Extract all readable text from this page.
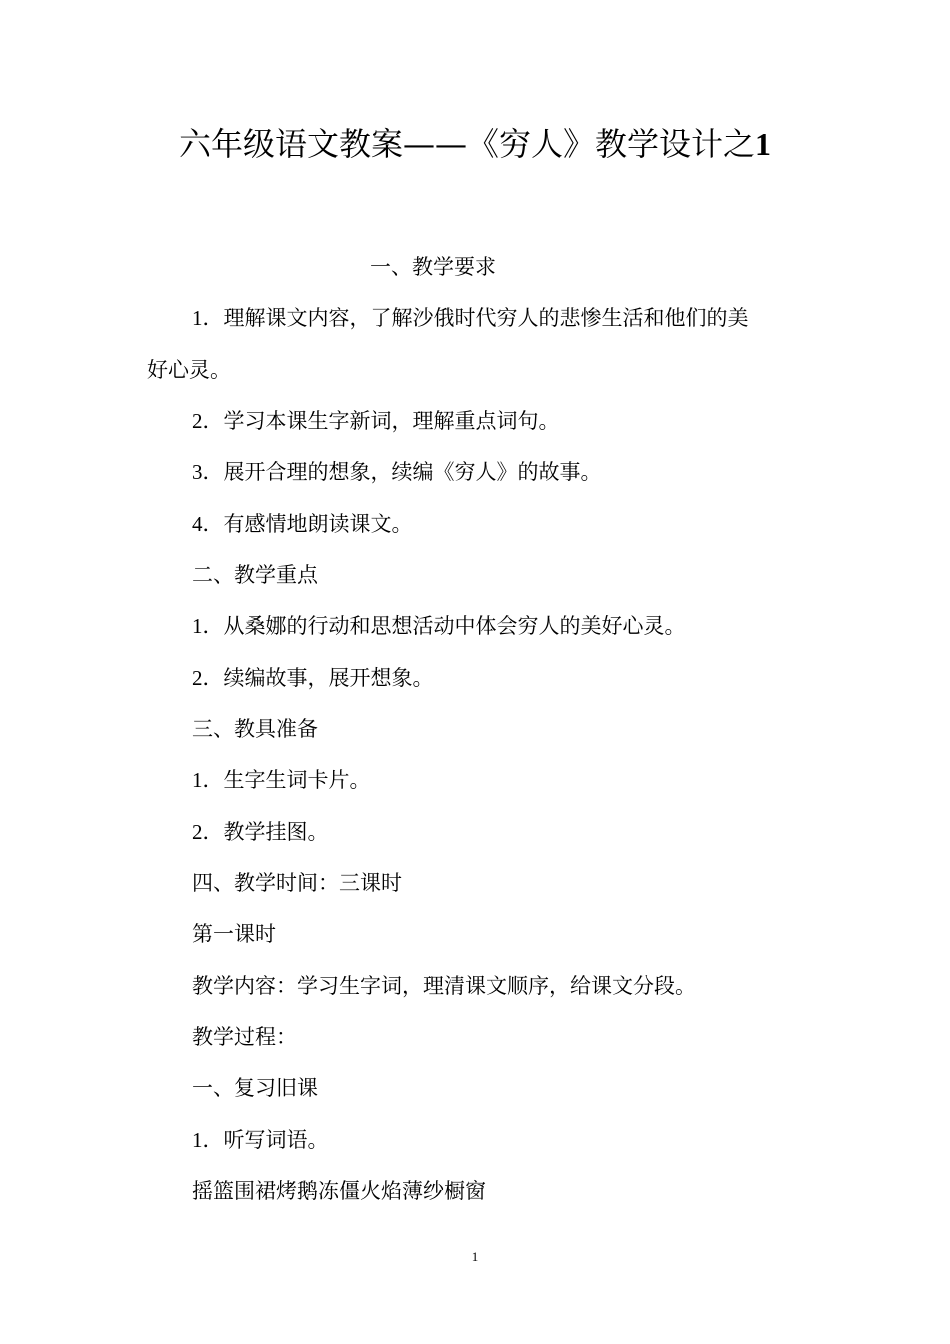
六年级语文教案——《穷人》教学设计之1

一、教学要求

1．理解课文内容，了解沙俄时代穷人的悲惨生活和他们的美

好心灵。

2．学习本课生字新词，理解重点词句。

3．展开合理的想象，续编《穷人》的故事。

4．有感情地朗读课文。

二、教学重点

1．从桑娜的行动和思想活动中体会穷人的美好心灵。

2．续编故事，展开想象。

三、教具准备

1．生字生词卡片。

2．教学挂图。

四、教学时间：三课时

第一课时

教学内容：学习生字词，理清课文顺序，给课文分段。

教学过程：

一、复习旧课

1．听写词语。

摇篮围裙烤鹅冻僵火焰薄纱橱窗

1
